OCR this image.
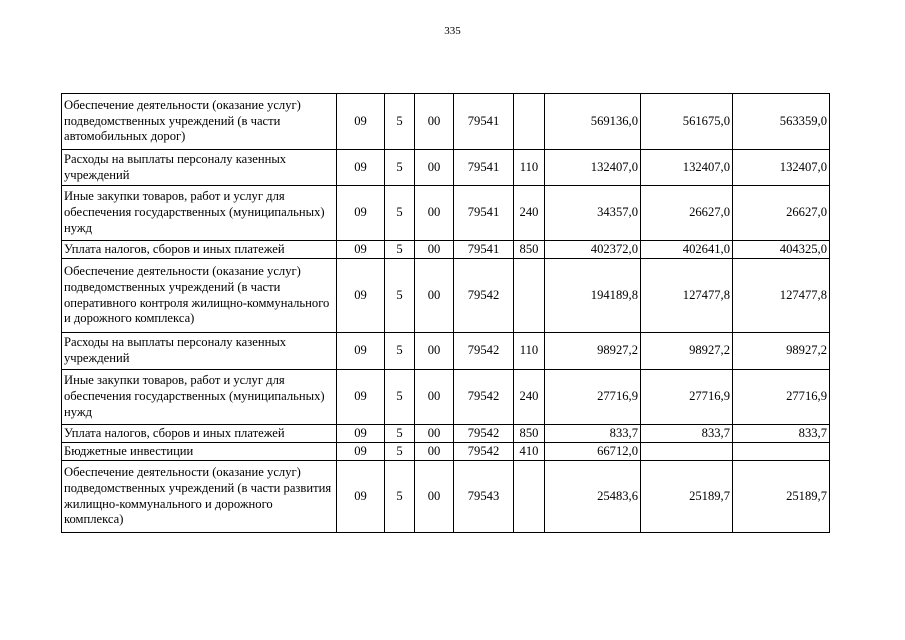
335
Обеспечение деятельности (оказание услуг) подведомственных учреждений (в части автомобильных дорог)	09	5	00	79541		569136,0	561675,0	563359,0
Расходы на выплаты персоналу казенных учреждений	09	5	00	79541	110	132407,0	132407,0	132407,0
Иные закупки товаров, работ и услуг для обеспечения государственных (муниципальных) нужд	09	5	00	79541	240	34357,0	26627,0	26627,0
Уплата налогов, сборов и иных платежей	09	5	00	79541	850	402372,0	402641,0	404325,0
Обеспечение деятельности (оказание услуг) подведомственных учреждений (в части оперативного контроля жилищно-коммунального и дорожного комплекса)	09	5	00	79542		194189,8	127477,8	127477,8
Расходы на выплаты персоналу казенных учреждений	09	5	00	79542	110	98927,2	98927,2	98927,2
Иные закупки товаров, работ и услуг для обеспечения государственных (муниципальных) нужд	09	5	00	79542	240	27716,9	27716,9	27716,9
Уплата налогов, сборов и иных платежей	09	5	00	79542	850	833,7	833,7	833,7
Бюджетные инвестиции	09	5	00	79542	410	66712,0		
Обеспечение деятельности (оказание услуг) подведомственных учреждений (в части развития жилищно-коммунального и дорожного комплекса)	09	5	00	79543		25483,6	25189,7	25189,7
